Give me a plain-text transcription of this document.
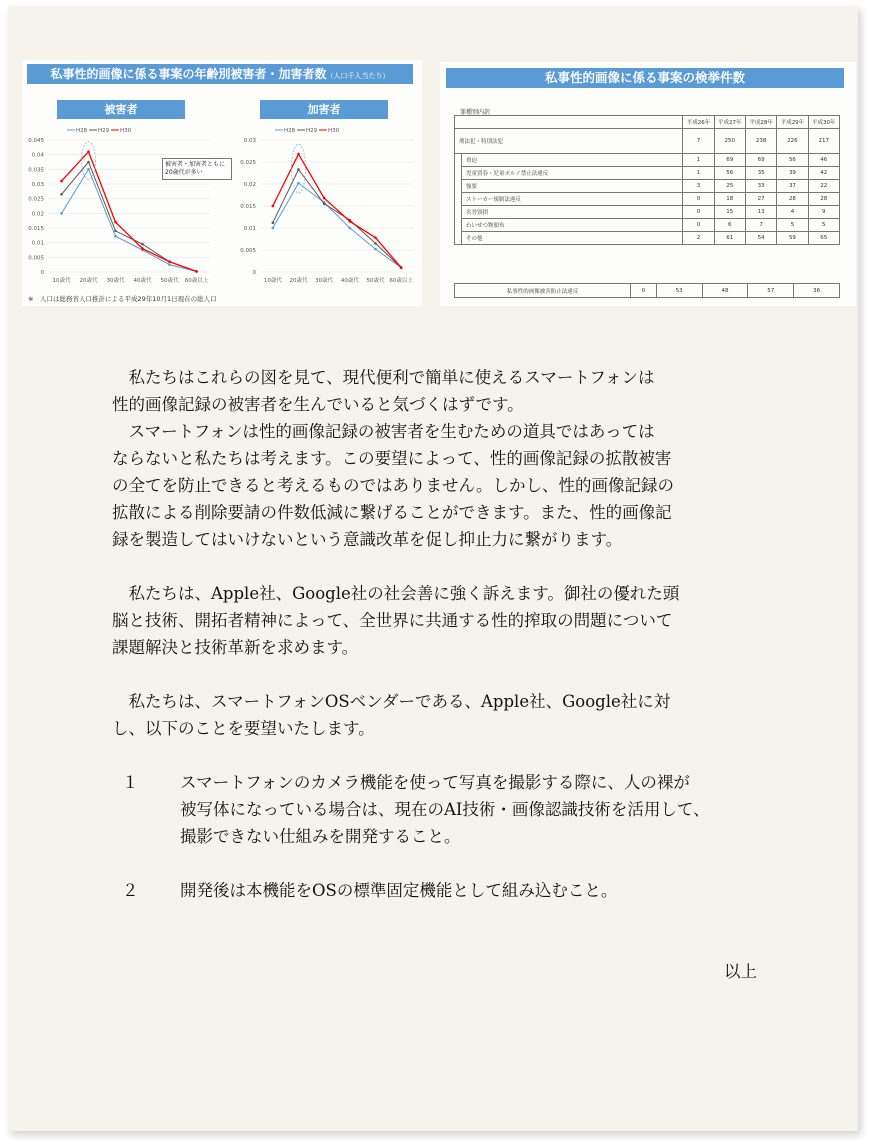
私事性的画像に係る事案の年齢別被害者・加害者数（人口千人当たり）
被害者	加害者
0
0.005
0.01
0.015
0.02
0.025
0.03
0.035
0.04
0.045
10歳代 20歳代 30歳代 40歳代 50歳代 60歳以上
H28 H29 H30
0
0.005
0.01
0.015
0.02
0.025
0.03
10歳代 20歳代 30歳代 40歳代 50歳代 60歳以上
H28 H29 H30
被害者・加害者ともに20歳代が多い
※　人口は総務省人口推計による平成29年10月1日現在の総人口
私事性的画像に係る事案の検挙件数
罪種別内訳
		平成26年	平成27年	平成28年	平成29年	平成30年
刑法犯・特別法犯		7	250	238	226	217
	脅迫	1	69	69	56	46
	児童買春・児童ポルノ禁止法違反	1	56	35	39	42
	強要	3	25	33	37	22
	ストーカー規制法違反	0	18	27	28	28
	名誉毀損	0	15	13	4	9
	わいせつ物頒布	0	6	7	5	5
	その他	2	61	54	59	65
私事性的画像被害防止法違反	0	53	48	57	36

　私たちはこれらの図を見て、現代便利で簡単に使えるスマートフォンは
性的画像記録の被害者を生んでいると気づくはずです。

　スマートフォンは性的画像記録の被害者を生むための道具ではあっては
ならないと私たちは考えます。この要望によって、性的画像記録の拡散被害
の全てを防止できると考えるものではありません。しかし、性的画像記録の
拡散による削除要請の件数低減に繋げることができます。また、性的画像記
録を製造してはいけないという意識改革を促し抑止力に繋がります。

　私たちは、Apple社、Google社の社会善に強く訴えます。御社の優れた頭
脳と技術、開拓者精神によって、全世界に共通する性的搾取の問題について
課題解決と技術革新を求めます。

　私たちは、スマートフォンOSベンダーである、Apple社、Google社に対
し、以下のことを要望いたします。

１	スマートフォンのカメラ機能を使って写真を撮影する際に、人の裸が
被写体になっている場合は、現在のAI技術・画像認識技術を活用して、
撮影できない仕組みを開発すること。
２	開発後は本機能をOSの標準固定機能として組み込むこと。
以上
